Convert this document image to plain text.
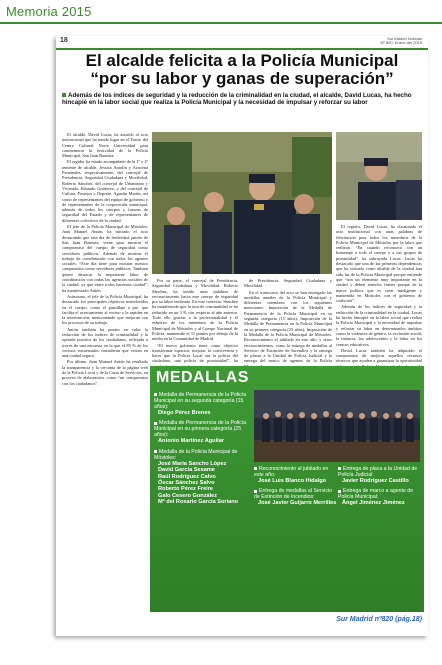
Memoria 2015
18	Sur Madrid Noticias
Nº 820. Enero del 2015
El alcalde felicita a la Policía Municipal
“por su labor y ganas de superación”
Además de los índices de seguridad y la reducción de la criminalidad en la ciudad, el alcalde, David Lucas, ha hecho hincapié en la labor social que realiza la Policía Municipal y la necesidad de impulsar y reforzar su labor

El alcalde, David Lucas, ha asistido al acto institucional que ha tenido lugar en el Teatro del Centro Cultural Norte Universidad para conmemorar la festividad de la Policía Municipal, San Juan Bautista.

El regidor ha estado acompañado de la 1º y 2º teniente de alcalde, Jessica Antolín y Azucena Fernández, respectivamente, del concejal de Presidencia, Seguridad Ciudadana y Movilidad, Roberto Sánchez, del concejal de Urbanismo y Vivienda, Eduardo Gutiérrez, y del concejal de Cultura, Festejos y Deporte, Agustín Martín, así como de representantes del equipo de gobierno y de representantes de la corporación municipal, además de todos los cuerpos y fuerzas de seguridad del Estado y de representantes de diferentes colectivos de la ciudad.

El jefe de la Policía Municipal de Móstoles, Juan Manuel Antón, ha iniciado el acto destacando que esta día de festividad, patrón de San Juan Bautista, viene para mostrar el compromiso del cuerpo de seguridad como servidores públicos. Además de mostrar el trabajo de coordinación con todos los agentes sociales. “Este día tiene para mostrar nuestro compromiso como servidores públicos. Tambien quiero destacar la importante labor de coordinación con todas las agencias sociales de la ciudad, ya que entre todos hacemos ciudad”, ha manifestado Antón.

Asimismo, el jefe de la Policía Municipal, ha destacado los principales objetivos introducidos en el cuerpo, como el patrullaje a pie, que facilita el acercamiento al vecino y la rapidez en la intervención, mencionando que mejoran con los procesos de su trabajo.

Antón también ha puesto en valor la reducción de los índices de criminalidad y la opinión positiva de los ciudadanos, reflejada a través de una encuesta en la que el 85 % de los vecinos encuestados consideran que vivían en una ciudad segura.

Por último, Juan Manuel Antón ha resaltado la transparencia y la cercanía de la página web de la Policía Local y de la Carta de Servicios, en proceso de elaboración, como “un compromiso con los ciudadanos”.

Por su parte, el concejal de Presidencia, Seguridad Ciudadana y Movilidad, Roberto Sánchez, ha tenido unas palabras de reconocimiento hacia este cuerpo de seguridad por su labor realizada. En este contexto, Sánchez ha manifestado que la tasa de criminalidad se ha reducido en un 3 % con respecto al año anterior. Todo ello gracias a la profesionalidad y el esfuerzo de los miembros de la Policía Municipal de Móstoles y al Cuerpo Nacional de Policía, mantenido el 11 puntos por debajo de la media en la Comunidad de Madrid.

“El nuevo gobierno tiene como objetivo transformar espacios, mejorar la convivencia y hacer que la Policía Local sea la policía del ciudadano, una policía de proximidad”, ha

de Presidencia, Seguridad Ciudadana y Movilidad.

En el transcurso del acto se han entregado las medallas anuales de la Policía Municipal y diferentes miembros con los siguientes menciones: Imposición de la Medalla de Permanencia de la Policía Municipal en su segunda categoría (15 años); Imposición de la Medalla de Permanencia en la Policía Municipal en su primera categoría (25 años); Imposición de la Medalla de la Policía Municipal de Móstoles. Reconocimiento al jubilado en este año, y otros reconocimientos, como la entrega de medallas al Servicio de Extinción de Incendios y la entrega de placas a la Unidad de Policía Judicial y la entrega del marco de agentes de la Policía

El regidor, David Lucas, ha clausurado el acto institucional con unas palabras de felicitación para todos los miembros de la Policía Municipal de Móstoles por la labor que realizan. “En cuando reconozco con un homenaje a todo el cuerpo y a sus grupos de proximidad”, ha subrayado Lucas. Lucas ha destacado que una de las primeras dependencias que ha visitado como alcalde de la ciudad han sido las de la Policía Municipal porque entiende que “son un elemento muy importante en la ciudad y deben tenerlos firmes porque de la nueva política que es crear inteligente y mantenida en Móstoles con el gobierno de coalición”.

Además de los índices de seguridad y la reducción de la criminalidad en la ciudad, Lucas ha hecho hincapié en la labor social que realiza la Policía Municipal y la necesidad de impulsar y reforzar su labor en determinados ámbitos como la violencia de género, la exclusión social, la infancia, los adolescentes y la labor en los centros educativos.

David Lucas también ha adquirido el compromiso de mejorar aquellos recursos técnicos que ayuden a garantizar la operatividad

MEDALLAS
Medalla de Permanencia de la Policía Municipal en su segunda categoría (15 años):
Diego Pérez Brenes
Medalla de Permanencia de la Policía Municipal en su primera categoría (25 años):
Antonio Martínez Aguilar
Medalla de la Policía Municipal de Móstoles:
José María Sancho López
David García Sesame
Raúl Rodríguez Calvo
Óscar Sánchez Salvo
Roberto Pérez Freire
Galo Cesero González
Mª del Rosario García Soriano
Reconocimiento al jubilado en este año:
José Luis Blanco Hidalgo
Entrega de medallas al Servicio de Extinción de Incendios:
José Javier Guijarro Merrilles
Entrega de placa a la Unidad de Policía Judicial:
Javier Rodríguez Castillo
Entrega de marco a agente de Policía Municipal:
Ángel Jiménez Jiménez
Sur Madrid nº820 (pág.18)
